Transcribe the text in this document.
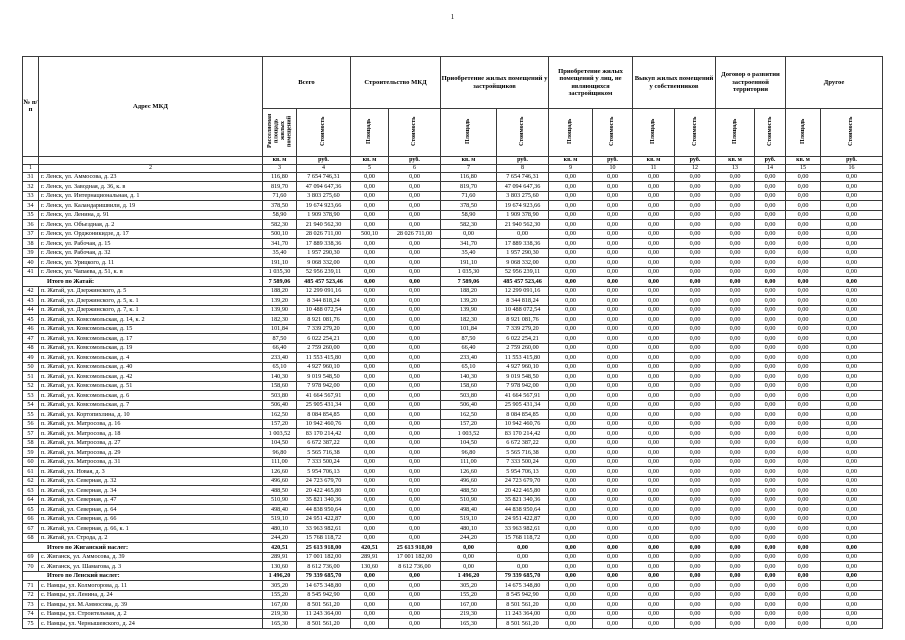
1
№ п/п	Адрес МКД	Всего		Строительство МКД		Приобретение жилых помещений у застройщиков		Приобретение жилых помещений у лиц, не являющихся застройщиком		Выкуп жилых помещений у собственников		Договор о развитии застроенной территории		Другое	
		Расселяемая площадь жилых помещений	Стоимость	Площадь	Стоимость	Площадь	Стоимость	Площадь	Стоимость	Площадь	Стоимость	Площадь	Стоимость	Площадь	Стоимость
		кв. м	руб.	кв. м	руб.	кв. м	руб.	кв. м	руб.	кв. м	руб.	кв. м	руб.	кв. м	руб.
1	2	3	4	5	6	7	8	9	10	11	12	13	14	15	16
31	г. Ленск, ул. Аммосова, д. 23	116,80	7 654 746,31	0,00	0,00	116,80	7 654 746,31	0,00	0,00	0,00	0,00	0,00	0,00	0,00	0,00
32	г. Ленск, ул. Заводная, д. 36, к. в	819,70	47 094 647,36	0,00	0,00	819,70	47 094 647,36	0,00	0,00	0,00	0,00	0,00	0,00	0,00	0,00
33	г. Ленск, ул. Интернациональная, д. 1	71,60	3 803 275,60	0,00	0,00	71,60	3 803 275,60	0,00	0,00	0,00	0,00	0,00	0,00	0,00	0,00
34	г. Ленск, ул. Каландаришвили, д. 19	378,50	19 674 923,66	0,00	0,00	378,50	19 674 923,66	0,00	0,00	0,00	0,00	0,00	0,00	0,00	0,00
35	г. Ленск, ул. Ленина, д. 91	58,90	1 909 378,90	0,00	0,00	58,90	1 909 378,90	0,00	0,00	0,00	0,00	0,00	0,00	0,00	0,00
36	г. Ленск, ул. Объездная, д. 2	582,30	21 940 562,30	0,00	0,00	582,30	21 940 562,30	0,00	0,00	0,00	0,00	0,00	0,00	0,00	0,00
37	г. Ленск, ул. Орджоникидзе, д. 17	500,10	28 026 711,00	500,10	28 026 711,00	0,00	0,00	0,00	0,00	0,00	0,00	0,00	0,00	0,00	0,00
38	г. Ленск, ул. Рабочая, д. 15	341,70	17 889 338,36	0,00	0,00	341,70	17 889 338,36	0,00	0,00	0,00	0,00	0,00	0,00	0,00	0,00
39	г. Ленск, ул. Рабочая, д. 32	35,40	1 957 290,30	0,00	0,00	35,40	1 957 290,30	0,00	0,00	0,00	0,00	0,00	0,00	0,00	0,00
40	г. Ленск, ул. Урицкого, д. 11	191,10	9 068 332,00	0,00	0,00	191,10	9 068 332,00	0,00	0,00	0,00	0,00	0,00	0,00	0,00	0,00
41	г. Ленск, ул. Чапаева, д. 51, к. в	1 035,30	52 956 239,11	0,00	0,00	1 035,30	52 956 239,11	0,00	0,00	0,00	0,00	0,00	0,00	0,00	0,00
Итого по Жатай:		7 589,06	485 457 523,46	0,00	0,00	7 589,06	485 457 523,46	0,00	0,00	0,00	0,00	0,00	0,00	0,00	0,00
42	п. Жатай, ул. Дзержинского, д. 5	188,20	12 299 091,16	0,00	0,00	188,20	12 299 091,16	0,00	0,00	0,00	0,00	0,00	0,00	0,00	0,00
43	п. Жатай, ул. Дзержинского, д. 5, к. 1	139,20	8 344 818,24	0,00	0,00	139,20	8 344 818,24	0,00	0,00	0,00	0,00	0,00	0,00	0,00	0,00
44	п. Жатай, ул. Дзержинского, д. 7, к. 1	139,90	10 488 072,54	0,00	0,00	139,90	10 488 072,54	0,00	0,00	0,00	0,00	0,00	0,00	0,00	0,00
45	п. Жатай, ул. Комсомольская, д. 14, к. 2	182,30	8 921 081,76	0,00	0,00	182,30	8 921 081,76	0,00	0,00	0,00	0,00	0,00	0,00	0,00	0,00
46	п. Жатай, ул. Комсомольская, д. 15	101,84	7 339 279,20	0,00	0,00	101,84	7 339 279,20	0,00	0,00	0,00	0,00	0,00	0,00	0,00	0,00
47	п. Жатай, ул. Комсомольская, д. 17	87,50	6 022 254,21	0,00	0,00	87,50	6 022 254,21	0,00	0,00	0,00	0,00	0,00	0,00	0,00	0,00
48	п. Жатай, ул. Комсомольская, д. 19	66,40	2 759 260,00	0,00	0,00	66,40	2 759 260,00	0,00	0,00	0,00	0,00	0,00	0,00	0,00	0,00
49	п. Жатай, ул. Комсомольская, д. 4	233,40	11 553 415,80	0,00	0,00	233,40	11 553 415,80	0,00	0,00	0,00	0,00	0,00	0,00	0,00	0,00
50	п. Жатай, ул. Комсомольская, д. 40	65,10	4 927 960,10	0,00	0,00	65,10	4 927 960,10	0,00	0,00	0,00	0,00	0,00	0,00	0,00	0,00
51	п. Жатай, ул. Комсомольская, д. 42	140,30	9 019 548,50	0,00	0,00	140,30	9 019 548,50	0,00	0,00	0,00	0,00	0,00	0,00	0,00	0,00
52	п. Жатай, ул. Комсомольская, д. 51	158,60	7 978 942,00	0,00	0,00	158,60	7 978 942,00	0,00	0,00	0,00	0,00	0,00	0,00	0,00	0,00
53	п. Жатай, ул. Комсомольская, д. 6	503,80	41 664 567,91	0,00	0,00	503,80	41 664 567,91	0,00	0,00	0,00	0,00	0,00	0,00	0,00	0,00
54	п. Жатай, ул. Комсомольская, д. 7	506,40	25 905 431,34	0,00	0,00	506,40	25 905 431,34	0,00	0,00	0,00	0,00	0,00	0,00	0,00	0,00
55	п. Жатай, ул. Кортопихлина, д. 10	162,50	8 084 854,85	0,00	0,00	162,50	8 084 854,85	0,00	0,00	0,00	0,00	0,00	0,00	0,00	0,00
56	п. Жатай, ул. Матросова, д. 16	157,20	10 942 460,76	0,00	0,00	157,20	10 942 460,76	0,00	0,00	0,00	0,00	0,00	0,00	0,00	0,00
57	п. Жатай, ул. Матросова, д. 18	1 003,52	83 170 214,42	0,00	0,00	1 003,52	83 170 214,42	0,00	0,00	0,00	0,00	0,00	0,00	0,00	0,00
58	п. Жатай, ул. Матросова, д. 27	104,50	6 672 387,22	0,00	0,00	104,50	6 672 387,22	0,00	0,00	0,00	0,00	0,00	0,00	0,00	0,00
59	п. Жатай, ул. Матросова, д. 29	96,80	5 565 716,38	0,00	0,00	96,80	5 565 716,38	0,00	0,00	0,00	0,00	0,00	0,00	0,00	0,00
60	п. Жатай, ул. Матросова, д. 31	111,00	7 333 500,24	0,00	0,00	111,00	7 333 500,24	0,00	0,00	0,00	0,00	0,00	0,00	0,00	0,00
61	п. Жатай, ул. Новая, д. 3	126,60	5 954 706,13	0,00	0,00	126,60	5 954 706,13	0,00	0,00	0,00	0,00	0,00	0,00	0,00	0,00
62	п. Жатай, ул. Северная, д. 32	496,60	24 723 679,70	0,00	0,00	496,60	24 723 679,70	0,00	0,00	0,00	0,00	0,00	0,00	0,00	0,00
63	п. Жатай, ул. Северная, д. 34	488,50	20 422 465,80	0,00	0,00	488,50	20 422 465,80	0,00	0,00	0,00	0,00	0,00	0,00	0,00	0,00
64	п. Жатай, ул. Северная, д. 47	510,90	35 821 340,36	0,00	0,00	510,90	35 821 340,36	0,00	0,00	0,00	0,00	0,00	0,00	0,00	0,00
65	п. Жатай, ул. Северная, д. 64	498,40	44 838 950,64	0,00	0,00	498,40	44 838 950,64	0,00	0,00	0,00	0,00	0,00	0,00	0,00	0,00
66	п. Жатай, ул. Северная, д. 66	519,10	24 951 422,87	0,00	0,00	519,10	24 951 422,87	0,00	0,00	0,00	0,00	0,00	0,00	0,00	0,00
67	п. Жатай, ул. Северная, д. 66, к. 1	480,10	33 963 982,61	0,00	0,00	480,10	33 963 982,61	0,00	0,00	0,00	0,00	0,00	0,00	0,00	0,00
68	п. Жатай, ул. Строда, д. 2	244,20	15 768 118,72	0,00	0,00	244,20	15 768 118,72	0,00	0,00	0,00	0,00	0,00	0,00	0,00	0,00
Итого по Жиганский наслег:		420,51	25 613 918,00	420,51	25 613 918,00	0,00	0,00	0,00	0,00	0,00	0,00	0,00	0,00	0,00	0,00
69	с. Жиганск, ул. Аммосова, д. 39	289,91	17 001 182,00	289,91	17 001 182,00	0,00	0,00	0,00	0,00	0,00	0,00	0,00	0,00	0,00	0,00
70	с. Жиганск, ул. Шамагова, д. 3	130,60	8 612 736,00	130,60	8 612 736,00	0,00	0,00	0,00	0,00	0,00	0,00	0,00	0,00	0,00	0,00
Итого по Ленский наслег:		1 496,20	79 339 685,70	0,00	0,00	1 496,20	79 339 685,70	0,00	0,00	0,00	0,00	0,00	0,00	0,00	0,00
71	с. Намцы, ул. Колмогорова, д. 11	305,20	14 675 348,80	0,00	0,00	305,20	14 675 348,80	0,00	0,00	0,00	0,00	0,00	0,00	0,00	0,00
72	с. Намцы, ул. Ленина, д. 24	155,20	8 545 942,90	0,00	0,00	155,20	8 545 942,90	0,00	0,00	0,00	0,00	0,00	0,00	0,00	0,00
73	с. Намцы, ул. М.Аммосова, д. 39	167,00	8 501 561,20	0,00	0,00	167,00	8 501 561,20	0,00	0,00	0,00	0,00	0,00	0,00	0,00	0,00
74	с. Намцы, ул. Строительная, д. 2	219,30	11 243 364,00	0,00	0,00	219,30	11 243 364,00	0,00	0,00	0,00	0,00	0,00	0,00	0,00	0,00
75	с. Намцы, ул. Чернышевского, д. 24	165,30	8 501 561,20	0,00	0,00	165,30	8 501 561,20	0,00	0,00	0,00	0,00	0,00	0,00	0,00	0,00
